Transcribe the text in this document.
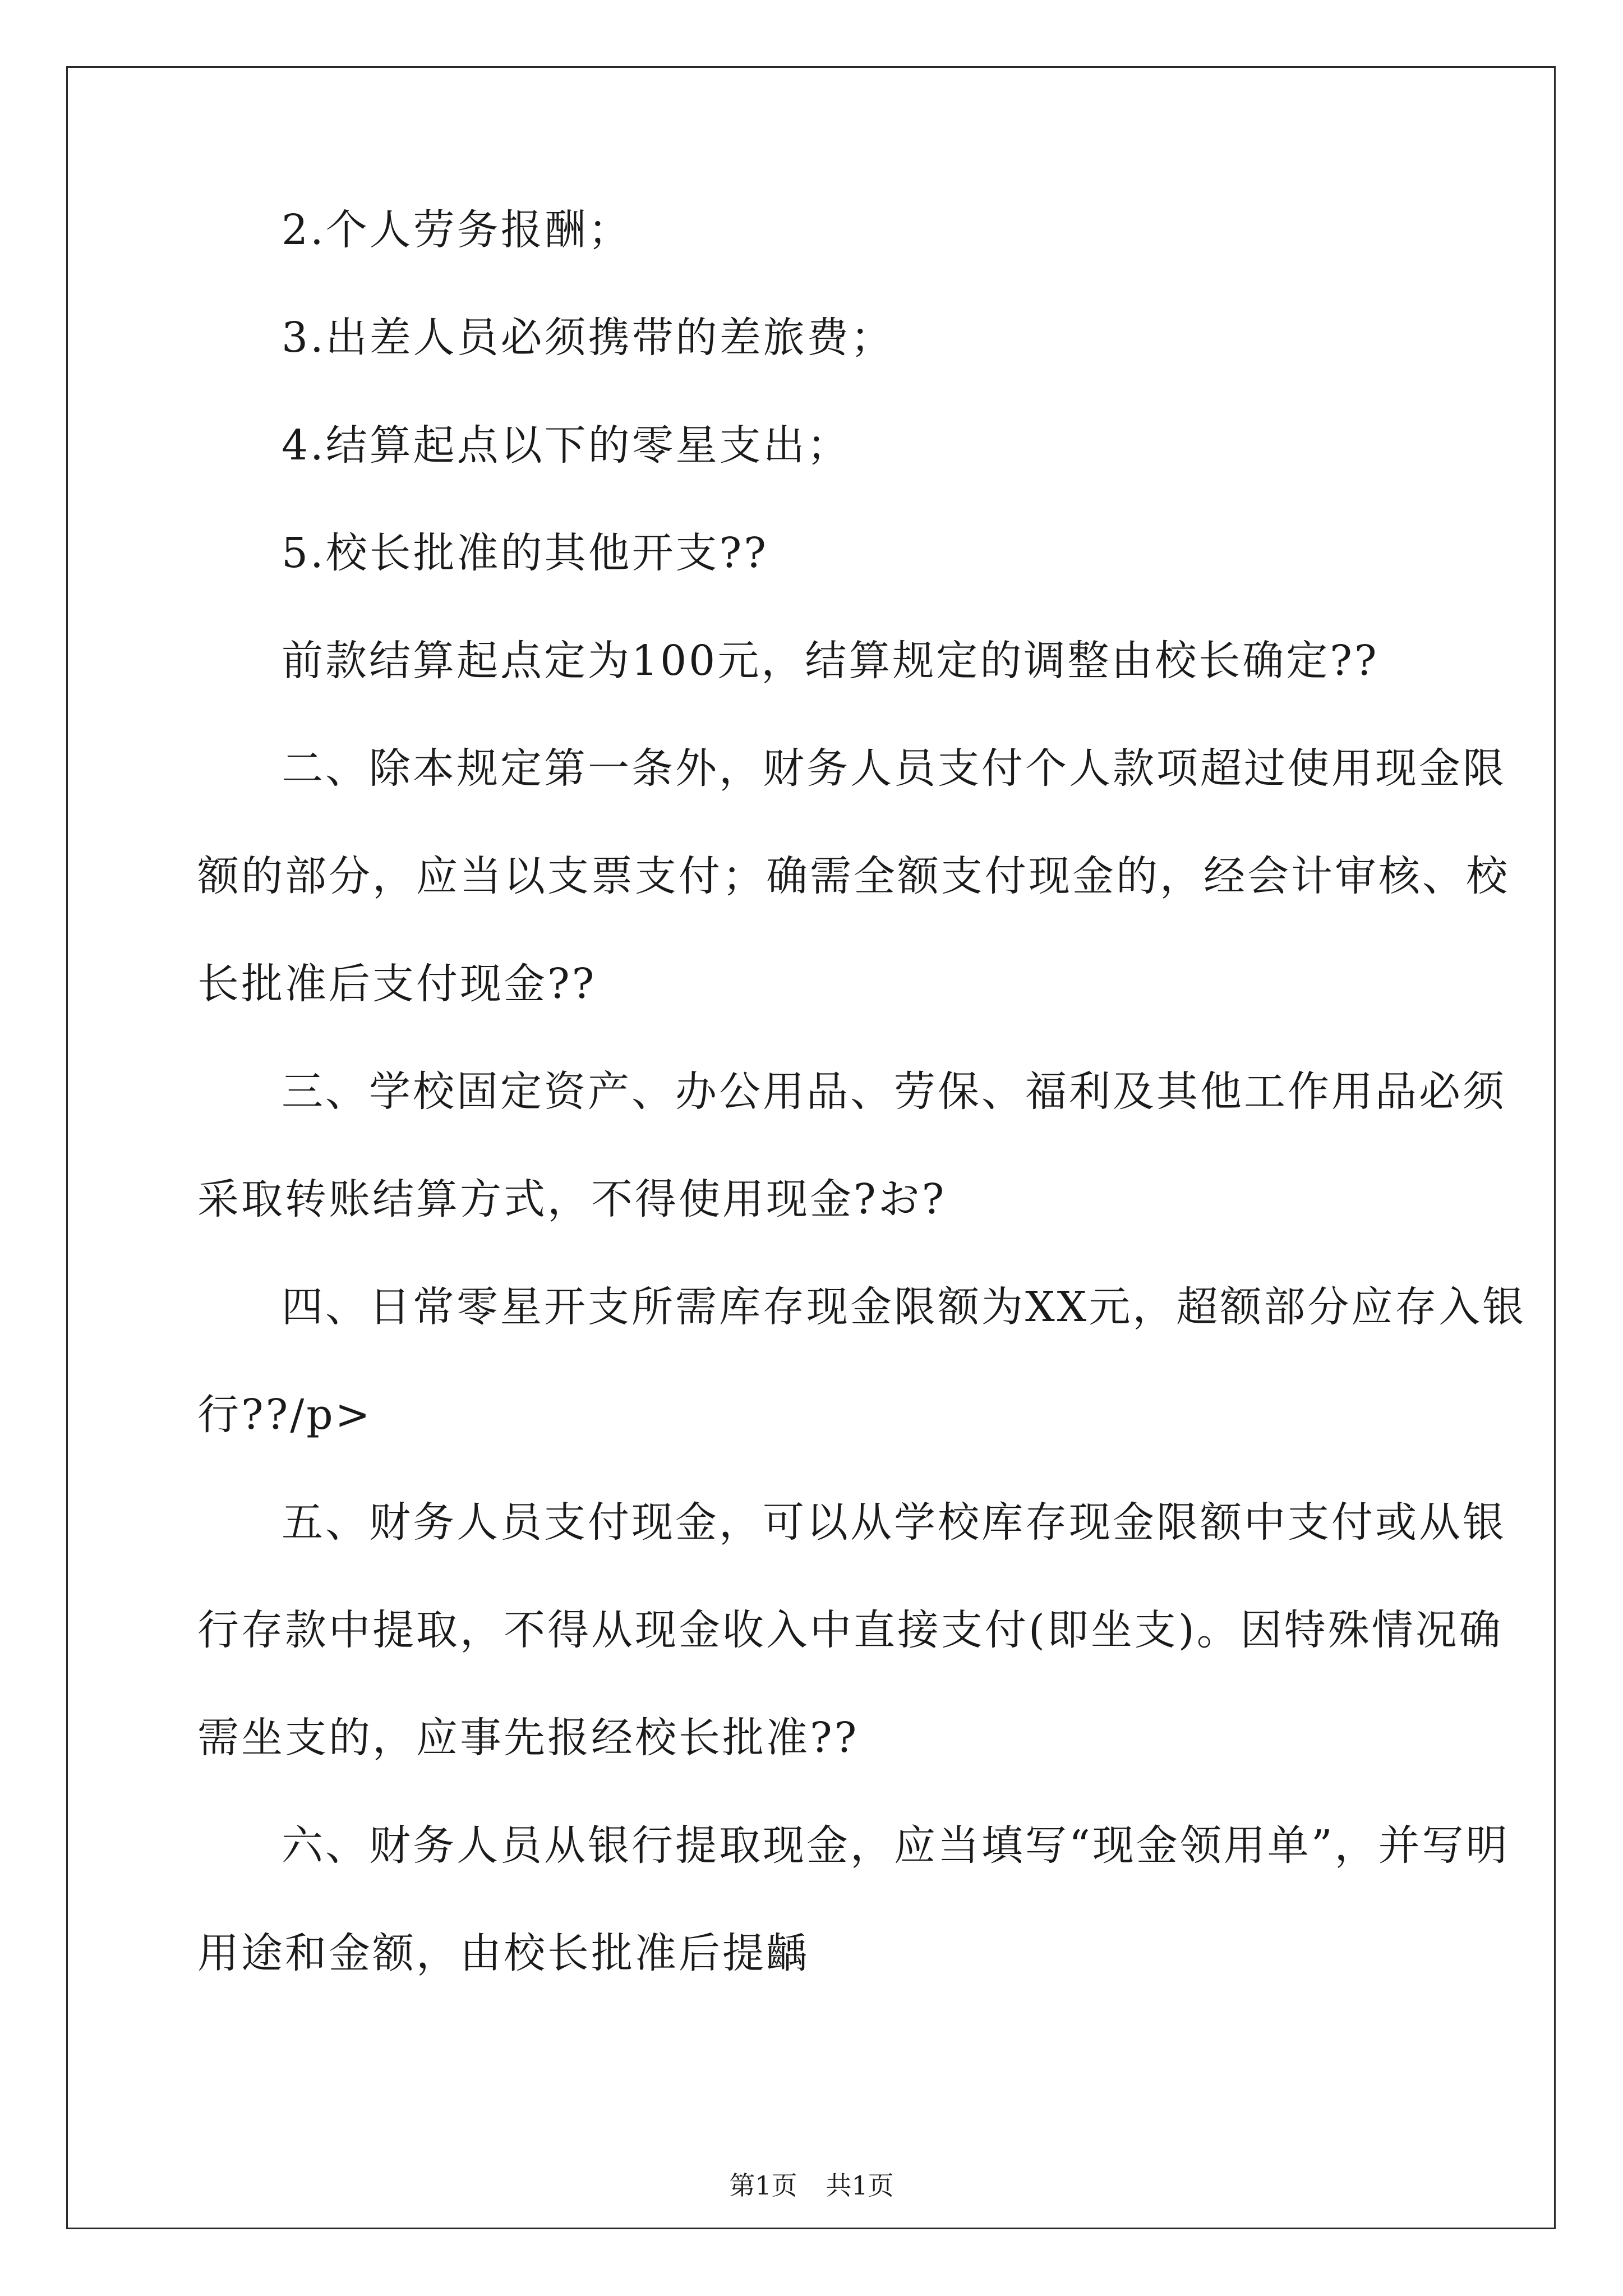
2.个人劳务报酬；
3.出差人员必须携带的差旅费；
4.结算起点以下的零星支出；
5.校长批准的其他开支??
前款结算起点定为100元，结算规定的调整由校长确定??
二、除本规定第一条外，财务人员支付个人款项超过使用现金限
额的部分，应当以支票支付；确需全额支付现金的，经会计审核、校
长批准后支付现金??
三、学校固定资产、办公用品、劳保、福利及其他工作用品必须
采取转账结算方式，不得使用现金?お?
四、日常零星开支所需库存现金限额为XX元，超额部分应存入银
行??/p>
五、财务人员支付现金，可以从学校库存现金限额中支付或从银
行存款中提取，不得从现金收入中直接支付(即坐支)。因特殊情况确
需坐支的，应事先报经校长批准??
六、财务人员从银行提取现金，应当填写“现金领用单”，并写明
用途和金额，由校长批准后提齲
第1页 共1页
